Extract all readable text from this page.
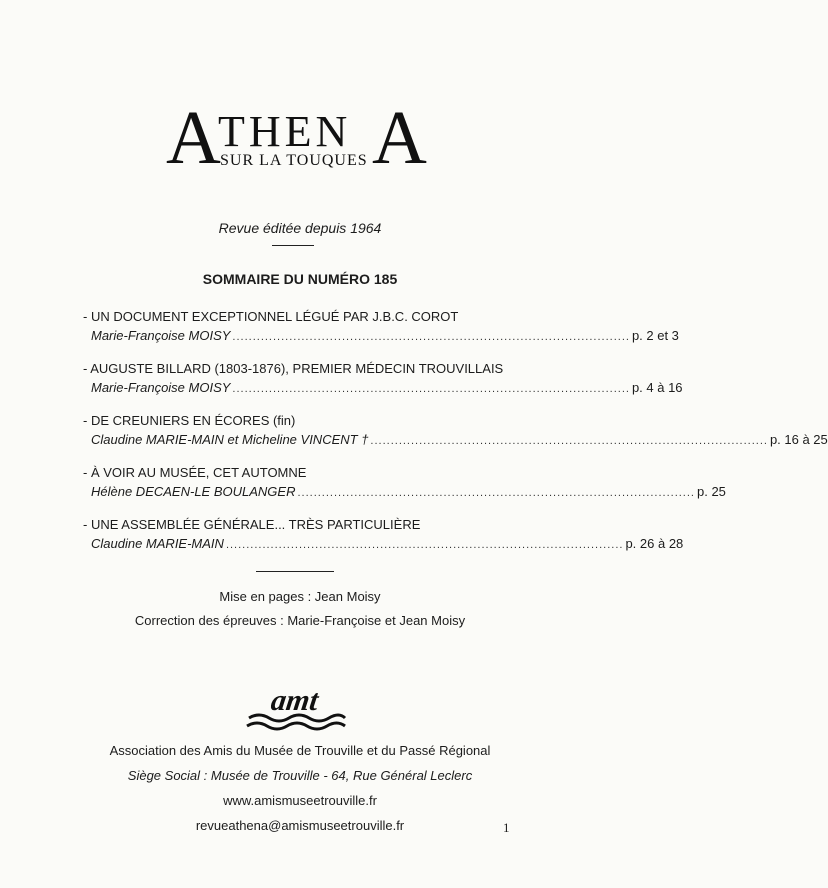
A
THEN
SUR LA TOUQUES A
Revue éditée depuis 1964
SOMMAIRE DU NUMÉRO 185
- UN DOCUMENT EXCEPTIONNEL LÉGUÉ PAR J.B.C. COROT
Marie-Françoise MOISY .................................................................................................. p. 2 et 3
- AUGUSTE BILLARD (1803-1876), PREMIER MÉDECIN TROUVILLAIS
Marie-Françoise MOISY .................................................................................................. p. 4 à 16
- DE CREUNIERS EN ÉCORES (fin)
Claudine MARIE-MAIN et Micheline VINCENT † .................................................................................................. p. 16 à 25
- À VOIR AU MUSÉE, CET AUTOMNE
Hélène DECAEN-LE BOULANGER .................................................................................................. p. 25
- UNE ASSEMBLÉE GÉNÉRALE... TRÈS PARTICULIÈRE
Claudine MARIE-MAIN .................................................................................................. p. 26 à 28
Mise en pages : Jean Moisy
Correction des épreuves : Marie-Françoise et Jean Moisy
amt
Association des Amis du Musée de Trouville et du Passé Régional
Siège Social : Musée de Trouville - 64, Rue Général Leclerc
www.amismuseetrouville.fr
revueathena@amismuseetrouville.fr	1
